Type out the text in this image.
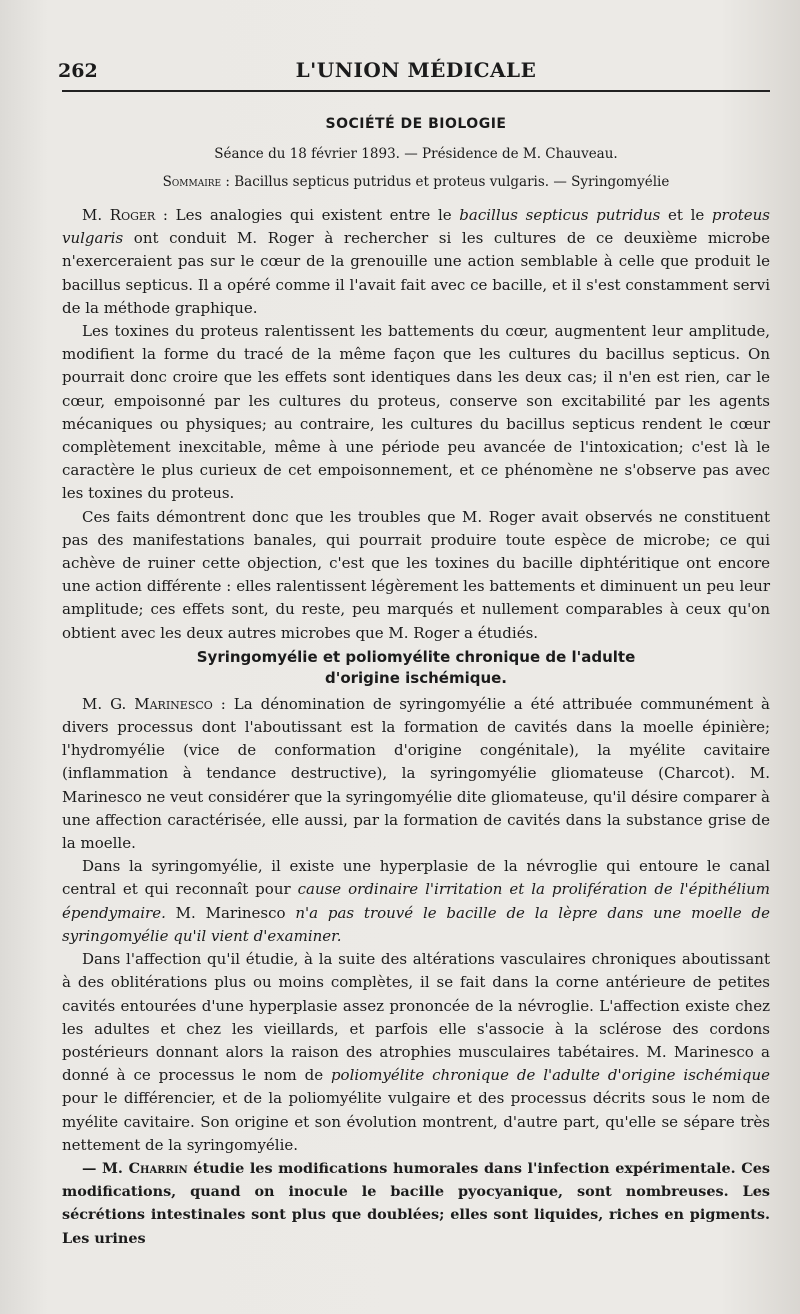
262	L'UNION MÉDICALE
SOCIÉTÉ DE BIOLOGIE
Séance du 18 février 1893. — Présidence de M. Chauveau.
Sommaire : Bacillus septicus putridus et proteus vulgaris. — Syringomyélie

M. Roger : Les analogies qui existent entre le bacillus septicus putridus et le proteus vulgaris ont conduit M. Roger à rechercher si les cultures de ce deuxième microbe n'exerceraient pas sur le cœur de la grenouille une action semblable à celle que produit le bacillus septicus. Il a opéré comme il l'avait fait avec ce bacille, et il s'est constamment servi de la méthode graphique.

Les toxines du proteus ralentissent les battements du cœur, augmentent leur amplitude, modifient la forme du tracé de la même façon que les cultures du bacillus septicus. On pourrait donc croire que les effets sont identiques dans les deux cas; il n'en est rien, car le cœur, empoisonné par les cultures du proteus, conserve son excitabilité par les agents mécaniques ou physiques; au contraire, les cultures du bacillus septicus rendent le cœur complètement inexcitable, même à une période peu avancée de l'intoxication; c'est là le caractère le plus curieux de cet empoisonnement, et ce phénomène ne s'observe pas avec les toxines du proteus.

Ces faits démontrent donc que les troubles que M. Roger avait observés ne constituent pas des manifestations banales, qui pourrait produire toute espèce de microbe; ce qui achève de ruiner cette objection, c'est que les toxines du bacille diphtéritique ont encore une action différente : elles ralentissent légèrement les battements et diminuent un peu leur amplitude; ces effets sont, du reste, peu marqués et nullement comparables à ceux qu'on obtient avec les deux autres microbes que M. Roger a étudiés.

Syringomyélie et poliomyélite chronique de l'adulte
d'origine ischémique.

M. G. Marinesco : La dénomination de syringomyélie a été attribuée communément à divers processus dont l'aboutissant est la formation de cavités dans la moelle épinière; l'hydromyélie (vice de conformation d'origine congénitale), la myélite cavitaire (inflammation à tendance destructive), la syringomyélie gliomateuse (Charcot). M. Marinesco ne veut considérer que la syringomyélie dite gliomateuse, qu'il désire comparer à une affection caractérisée, elle aussi, par la formation de cavités dans la substance grise de la moelle.

Dans la syringomyélie, il existe une hyperplasie de la névroglie qui entoure le canal central et qui reconnaît pour cause ordinaire l'irritation et la prolifération de l'épithélium épendymaire. M. Marinesco n'a pas trouvé le bacille de la lèpre dans une moelle de syringomyélie qu'il vient d'examiner.

Dans l'affection qu'il étudie, à la suite des altérations vasculaires chroniques aboutissant à des oblitérations plus ou moins complètes, il se fait dans la corne antérieure de petites cavités entourées d'une hyperplasie assez prononcée de la névroglie. L'affection existe chez les adultes et chez les vieillards, et parfois elle s'associe à la sclérose des cordons postérieurs donnant alors la raison des atrophies musculaires tabétaires. M. Marinesco a donné à ce processus le nom de poliomyélite chronique de l'adulte d'origine ischémique pour le différencier, et de la poliomyélite vulgaire et des processus décrits sous le nom de myélite cavitaire. Son origine et son évolution montrent, d'autre part, qu'elle se sépare très nettement de la syringomyélie.

— M. Charrin étudie les modifications humorales dans l'infection expérimentale. Ces modifications, quand on inocule le bacille pyocyanique, sont nombreuses. Les sécrétions intestinales sont plus que doublées; elles sont liquides, riches en pigments. Les urines
